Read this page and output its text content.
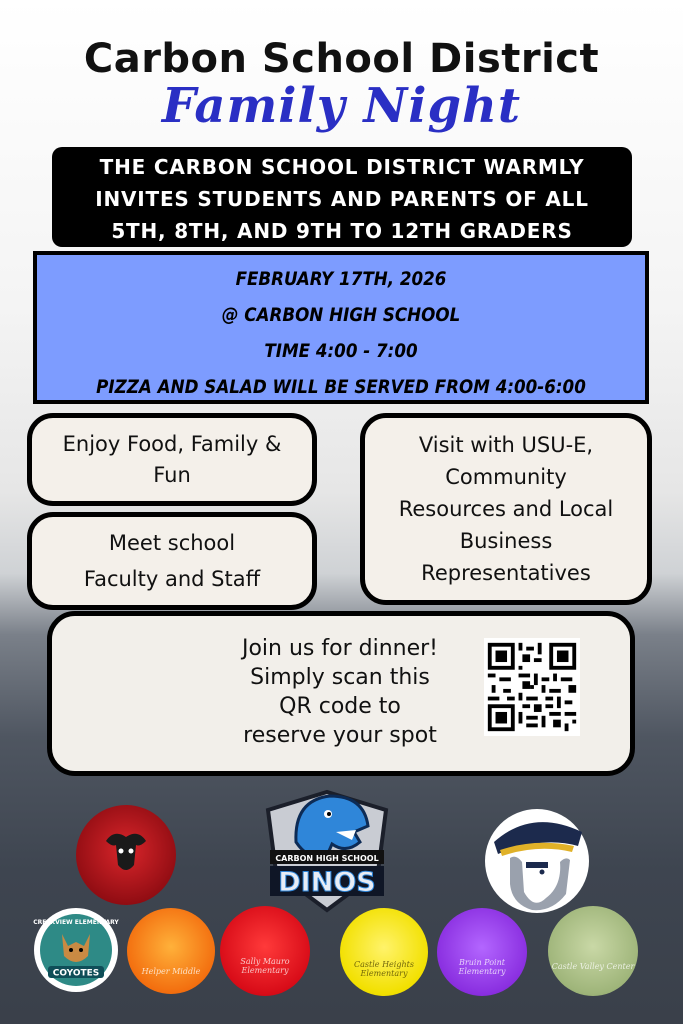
Carbon School District
Family Night
THE CARBON SCHOOL DISTRICT WARMLY
INVITES STUDENTS AND PARENTS OF ALL
5TH, 8TH, AND 9TH TO 12TH GRADERS
FEBRUARY 17TH, 2026
@ CARBON HIGH SCHOOL
TIME 4:00 - 7:00
PIZZA AND SALAD WILL BE SERVED FROM 4:00-6:00
Enjoy Food, Family &
Fun
Meet school
Faculty and Staff
Visit with USU-E,
Community
Resources and Local
Business
Representatives
Join us for dinner!
Simply scan this
QR code to
reserve your spot
CARBON HIGH SCHOOL
DINOS
CREEKVIEW ELEMENTARY
COYOTES	Helper Middle
Sally Mauro Elementary
Castle Heights Elementary
Bruin Point Elementary
Castle Valley Center
